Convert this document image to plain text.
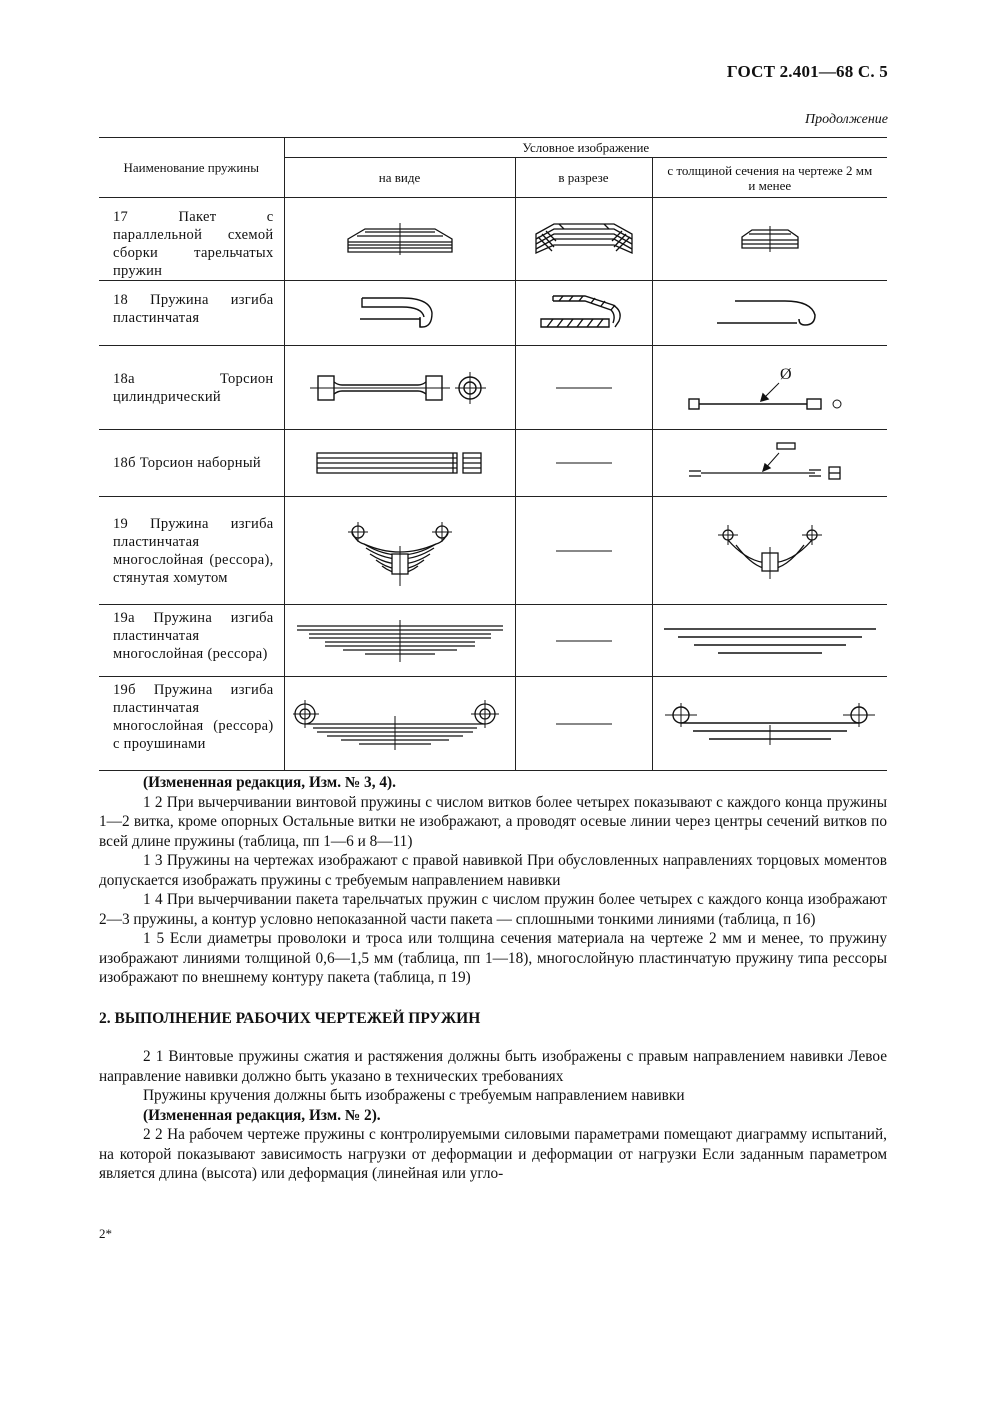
ГОСТ 2.401—68 С. 5
Продолжение
Наименование пружины	Условное изображение		
	на виде	в разрезе	с толщиной сечения на чертеже 2 мм и менее
17 Пакет с параллельной схемой сборки тарельчатых пружин	

18 Пружина изгиба пластинчатая	

18а Торсион цилиндрический			Ø

18б Торсион наборный	

19 Пружина изгиба пластинчатая многослойная (рессора), стянутая хомутом	

19а Пружина изгиба пластинчатая многослойная (рессора)	

19б Пружина изгиба пластинчатая многослойная (рессора) с проушинами	

(Измененная редакция, Изм. № 3, 4).

1 2 При вычерчивании винтовой пружины с числом витков более четырех показывают с каждого конца пружины 1—2 витка, кроме опорных Остальные витки не изображают, а проводят осевые линии через центры сечений витков по всей длине пружины (таблица, пп 1—6 и 8—11)

1 3 Пружины на чертежах изображают с правой навивкой При обусловленных направлениях торцовых моментов допускается изображать пружины с требуемым направлением навивки

1 4 При вычерчивании пакета тарельчатых пружин с числом пружин более четырех с каждого конца изображают 2—3 пружины, а контур условно непоказанной части пакета — сплошными тонкими линиями (таблица, п 16)

1 5 Если диаметры проволоки и троса или толщина сечения материала на чертеже 2 мм и менее, то пружину изображают линиями толщиной 0,6—1,5 мм (таблица, пп 1—18), многослойную пластинчатую пружину типа рессоры изображают по внешнему контуру пакета (таблица, п 19)

2. ВЫПОЛНЕНИЕ РАБОЧИХ ЧЕРТЕЖЕЙ ПРУЖИН

2 1 Винтовые пружины сжатия и растяжения должны быть изображены с правым направлением навивки Левое направление навивки должно быть указано в технических требованиях

Пружины кручения должны быть изображены с требуемым направлением навивки

(Измененная редакция, Изм. № 2).

2 2 На рабочем чертеже пружины с контролируемыми силовыми параметрами помещают диаграмму испытаний, на которой показывают зависимость нагрузки от деформации и деформации от нагрузки Если заданным параметром является длина (высота) или деформация (линейная или угло-

2*
